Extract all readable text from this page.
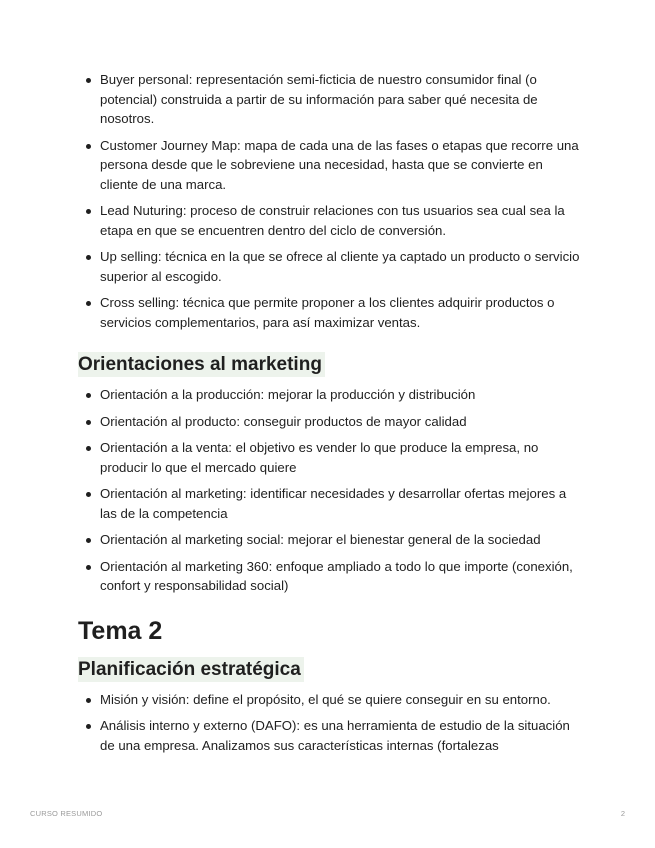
Buyer personal: representación semi-ficticia de nuestro consumidor final (o potencial) construida a partir de su información para saber qué necesita de nosotros.
Customer Journey Map: mapa de cada una de las fases o etapas que recorre una persona desde que le sobreviene una necesidad, hasta que se convierte en cliente de una marca.
Lead Nuturing: proceso de construir relaciones con tus usuarios sea cual sea la etapa en que se encuentren dentro del ciclo de conversión.
Up selling: técnica en la que se ofrece al cliente ya captado un producto o servicio superior al escogido.
Cross selling: técnica que permite proponer a los clientes adquirir productos o servicios complementarios, para así maximizar ventas.
Orientaciones al marketing
Orientación a la producción: mejorar la producción y distribución
Orientación al producto: conseguir productos de mayor calidad
Orientación a la venta: el objetivo es vender lo que produce la empresa, no producir lo que el mercado quiere
Orientación al marketing: identificar necesidades y desarrollar ofertas mejores a las de la competencia
Orientación al marketing social: mejorar el bienestar general de la sociedad
Orientación al marketing 360: enfoque ampliado a todo lo que importe (conexión, confort y responsabilidad social)
Tema 2
Planificación estratégica
Misión y visión: define el propósito, el qué se quiere conseguir en su entorno.
Análisis interno y externo (DAFO): es una herramienta de estudio de la situación de una empresa. Analizamos sus características internas (fortalezas
CURSO RESUMIDO	2
